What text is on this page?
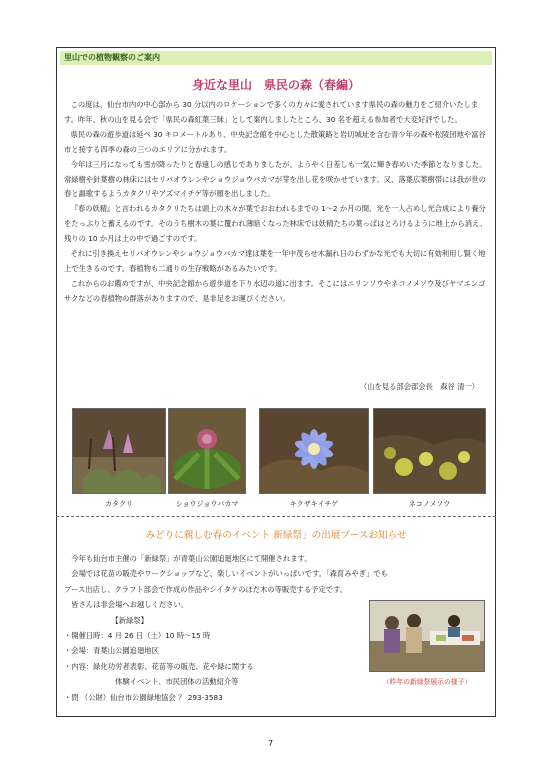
里山での植物観察のご案内
身近な里山　県民の森（春編）

この度は、仙台市内の中心部から 30 分以内のロケーションで多くの方々に愛されています県民の森の魅力をご紹介いたします。昨年、秋の山を見る会で「県民の森紅葉三昧」として案内しましたところ、30 名を超える参加者で大変好評でした。

県民の森の遊歩道は延べ 30 キロメートルあり、中央記念館を中心とした散策路と岩切城址を含む青少年の森や松陵団地や富谷市と接する四季の森の三つのエリアに分かれます。

今年は三月になっても雪が降ったりと春遠しの感じでありましたが、ようやく日差しも一気に輝き春めいた季節となりました。常緑樹や針葉樹の林床にはセリバオウレンやショウジョウバカマが芽を出し花を咲かせています。又、落葉広葉樹帯には我が世の春と謳歌するようカタクリやアズマイチゲ等が顔を出しました。

『春の妖精』と言われるカタクリたちは頭上の木々が葉でおおわれるまでの 1～2 か月の間、光を一人占めし光合成により養分をたっぷりと蓄えるのです。そのうち樹木の葉に覆われ薄暗くなった林床では妖精たちの葉っぱはとろけるように地上から消え、残りの 10 か月は土の中で過ごすのです。

それに引き換えセリバオウレンやショウジョウバカマ達は葉を一年中茂らせ木漏れ日のわずかな光でも大切に有効利用し賢く地上で生きるのです。春植物も二通りの生存戦略があるみたいです。

これからのお薦めですが、中央記念館から遊歩道を下り水辺の道に出ます。そこにはニリンソウやネコノメソウ及びヤマエンゴサクなどの春植物の群落がありますので、是非足をお運びください。

（山を見る部会部会長　森谷 清一）
カタクリ	ショウジョウバカマ	キクザキイチゲ	ネコノメソウ
みどりに親しむ春のイベント 新緑祭」の出展ブースお知らせ
　今年も仙台市主催の「新緑祭」が青葉山公園追廻地区にて開催されます。
　会場では花苗の販売やワークショップなど、楽しいイベントがいっぱいです。「森育みやぎ」でも
ブース出店し、クラフト部会で作成の作品やシイタケのほだ木の等販売する予定です。
　皆さんは非会場へお越しください。
　　　　　　　【新緑祭】
・開催日時：4 月 26 日（土）10 時～15 時
・会場：青葉山公園追廻地区
・内容：緑化功労者表彰、花苗等の販売、花や緑に関する
　　　　　　　体験イベント、市民団体の活動紹介等
・問 （公財）仙台市公園緑地協会 ？ 293-3583
（昨年の新緑祭展示の様子）
7
